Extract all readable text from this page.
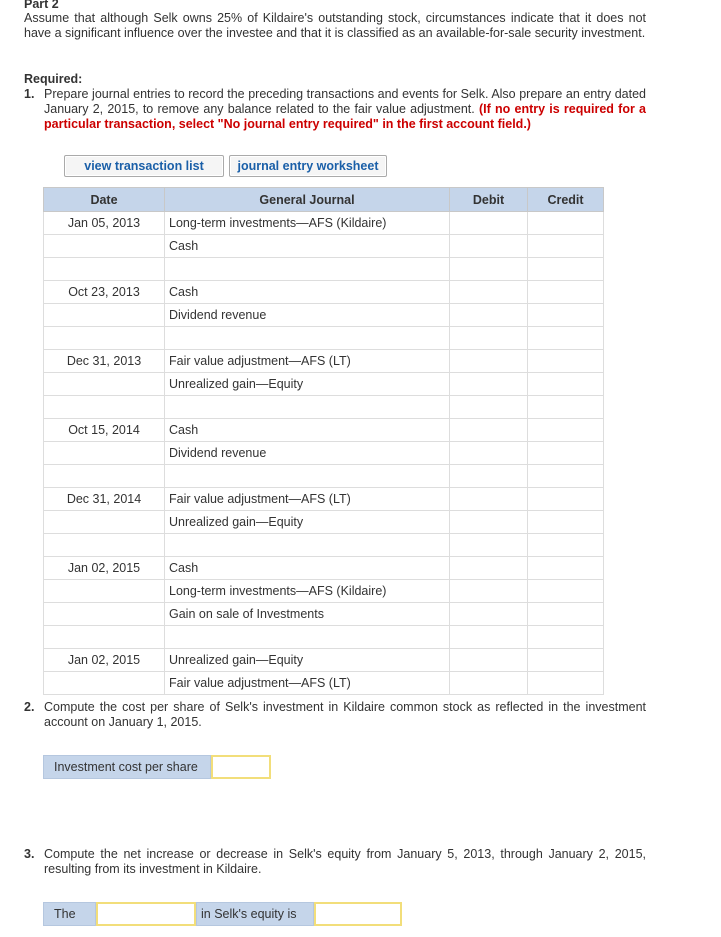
Part 2
Assume that although Selk owns 25% of Kildaire's outstanding stock, circumstances indicate that it does not have a significant influence over the investee and that it is classified as an available-for-sale security investment.
Required:
1. Prepare journal entries to record the preceding transactions and events for Selk. Also prepare an entry dated January 2, 2015, to remove any balance related to the fair value adjustment. (If no entry is required for a particular transaction, select "No journal entry required" in the first account field.)
view transaction list	journal entry worksheet
Date	General Journal	Debit	Credit
Jan 05, 2013	Long-term investments—AFS (Kildaire)		
	Cash		

Oct 23, 2013	Cash		
	Dividend revenue		

Dec 31, 2013	Fair value adjustment—AFS (LT)		
	Unrealized gain—Equity		

Oct 15, 2014	Cash		
	Dividend revenue		

Dec 31, 2014	Fair value adjustment—AFS (LT)		
	Unrealized gain—Equity		

Jan 02, 2015	Cash		
	Long-term investments—AFS (Kildaire)		
	Gain on sale of Investments		

Jan 02, 2015	Unrealized gain—Equity		
	Fair value adjustment—AFS (LT)		
2. Compute the cost per share of Selk's investment in Kildaire common stock as reflected in the investment account on January 1, 2015.
Investment cost per share
3. Compute the net increase or decrease in Selk's equity from January 5, 2013, through January 2, 2015, resulting from its investment in Kildaire.
The	in Selk's equity is
